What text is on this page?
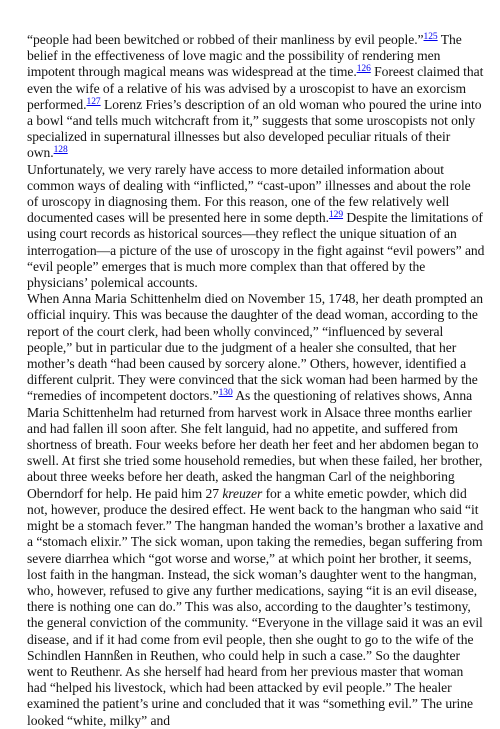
“people had been bewitched or robbed of their manliness by evil people.”$^{125}$ The belief in the effectiveness of love magic and the possibility of rendering men impotent through magical means was widespread at the time.$^{126}$ Foreest claimed that even the wife of a relative of his was advised by a uroscopist to have an exorcism performed.$^{127}$ Lorenz Fries’s description of an old woman who poured the urine into a bowl “and tells much witchcraft from it,” suggests that some uroscopists not only specialized in supernatural illnesses but also developed peculiar rituals of their own.$^{128}$

Unfortunately, we very rarely have access to more detailed information about common ways of dealing with “inflicted,” “cast-upon” illnesses and about the role of uroscopy in diagnosing them. For this reason, one of the few relatively well documented cases will be presented here in some depth.$^{129}$ Despite the limitations of using court records as historical sources—they reflect the unique situation of an interrogation—a picture of the use of uroscopy in the fight against “evil powers” and “evil people” emerges that is much more complex than that offered by the physicians’ polemical accounts.

When Anna Maria Schittenhelm died on November 15, 1748, her death prompted an official inquiry. This was because the daughter of the dead woman, according to the report of the court clerk, had been wholly convinced,” “influenced by several people,” but in particular due to the judgment of a healer she consulted, that her mother’s death “had been caused by sorcery alone.” Others, however, identified a different culprit. They were convinced that the sick woman had been harmed by the “remedies of incompetent doctors.”$^{130}$ As the questioning of relatives shows, Anna Maria Schittenhelm had returned from harvest work in Alsace three months earlier and had fallen ill soon after. She felt languid, had no appetite, and suffered from shortness of breath. Four weeks before her death her feet and her abdomen began to swell. At first she tried some household remedies, but when these failed, her brother, about three weeks before her death, asked the hangman Carl of the neighboring Oberndorf for help. He paid him 27 kreuzer for a white emetic powder, which did not, however, produce the desired effect. He went back to the hangman who said “it might be a stomach fever.” The hangman handed the woman’s brother a laxative and a “stomach elixir.” The sick woman, upon taking the remedies, began suffering from severe diarrhea which “got worse and worse,” at which point her brother, it seems, lost faith in the hangman. Instead, the sick woman’s daughter went to the hangman, who, however, refused to give any further medications, saying “it is an evil disease, there is nothing one can do.” This was also, according to the daughter’s testimony, the general conviction of the community. “Everyone in the village said it was an evil disease, and if it had come from evil people, then she ought to go to the wife of the Schindlen Hannßen in Reuthen, who could help in such a case.” So the daughter went to Reuthenr. As she herself had heard from her previous master that woman had “helped his livestock, which had been attacked by evil people.” The healer examined the patient’s urine and concluded that it was “something evil.” The urine looked “white, milky” and
